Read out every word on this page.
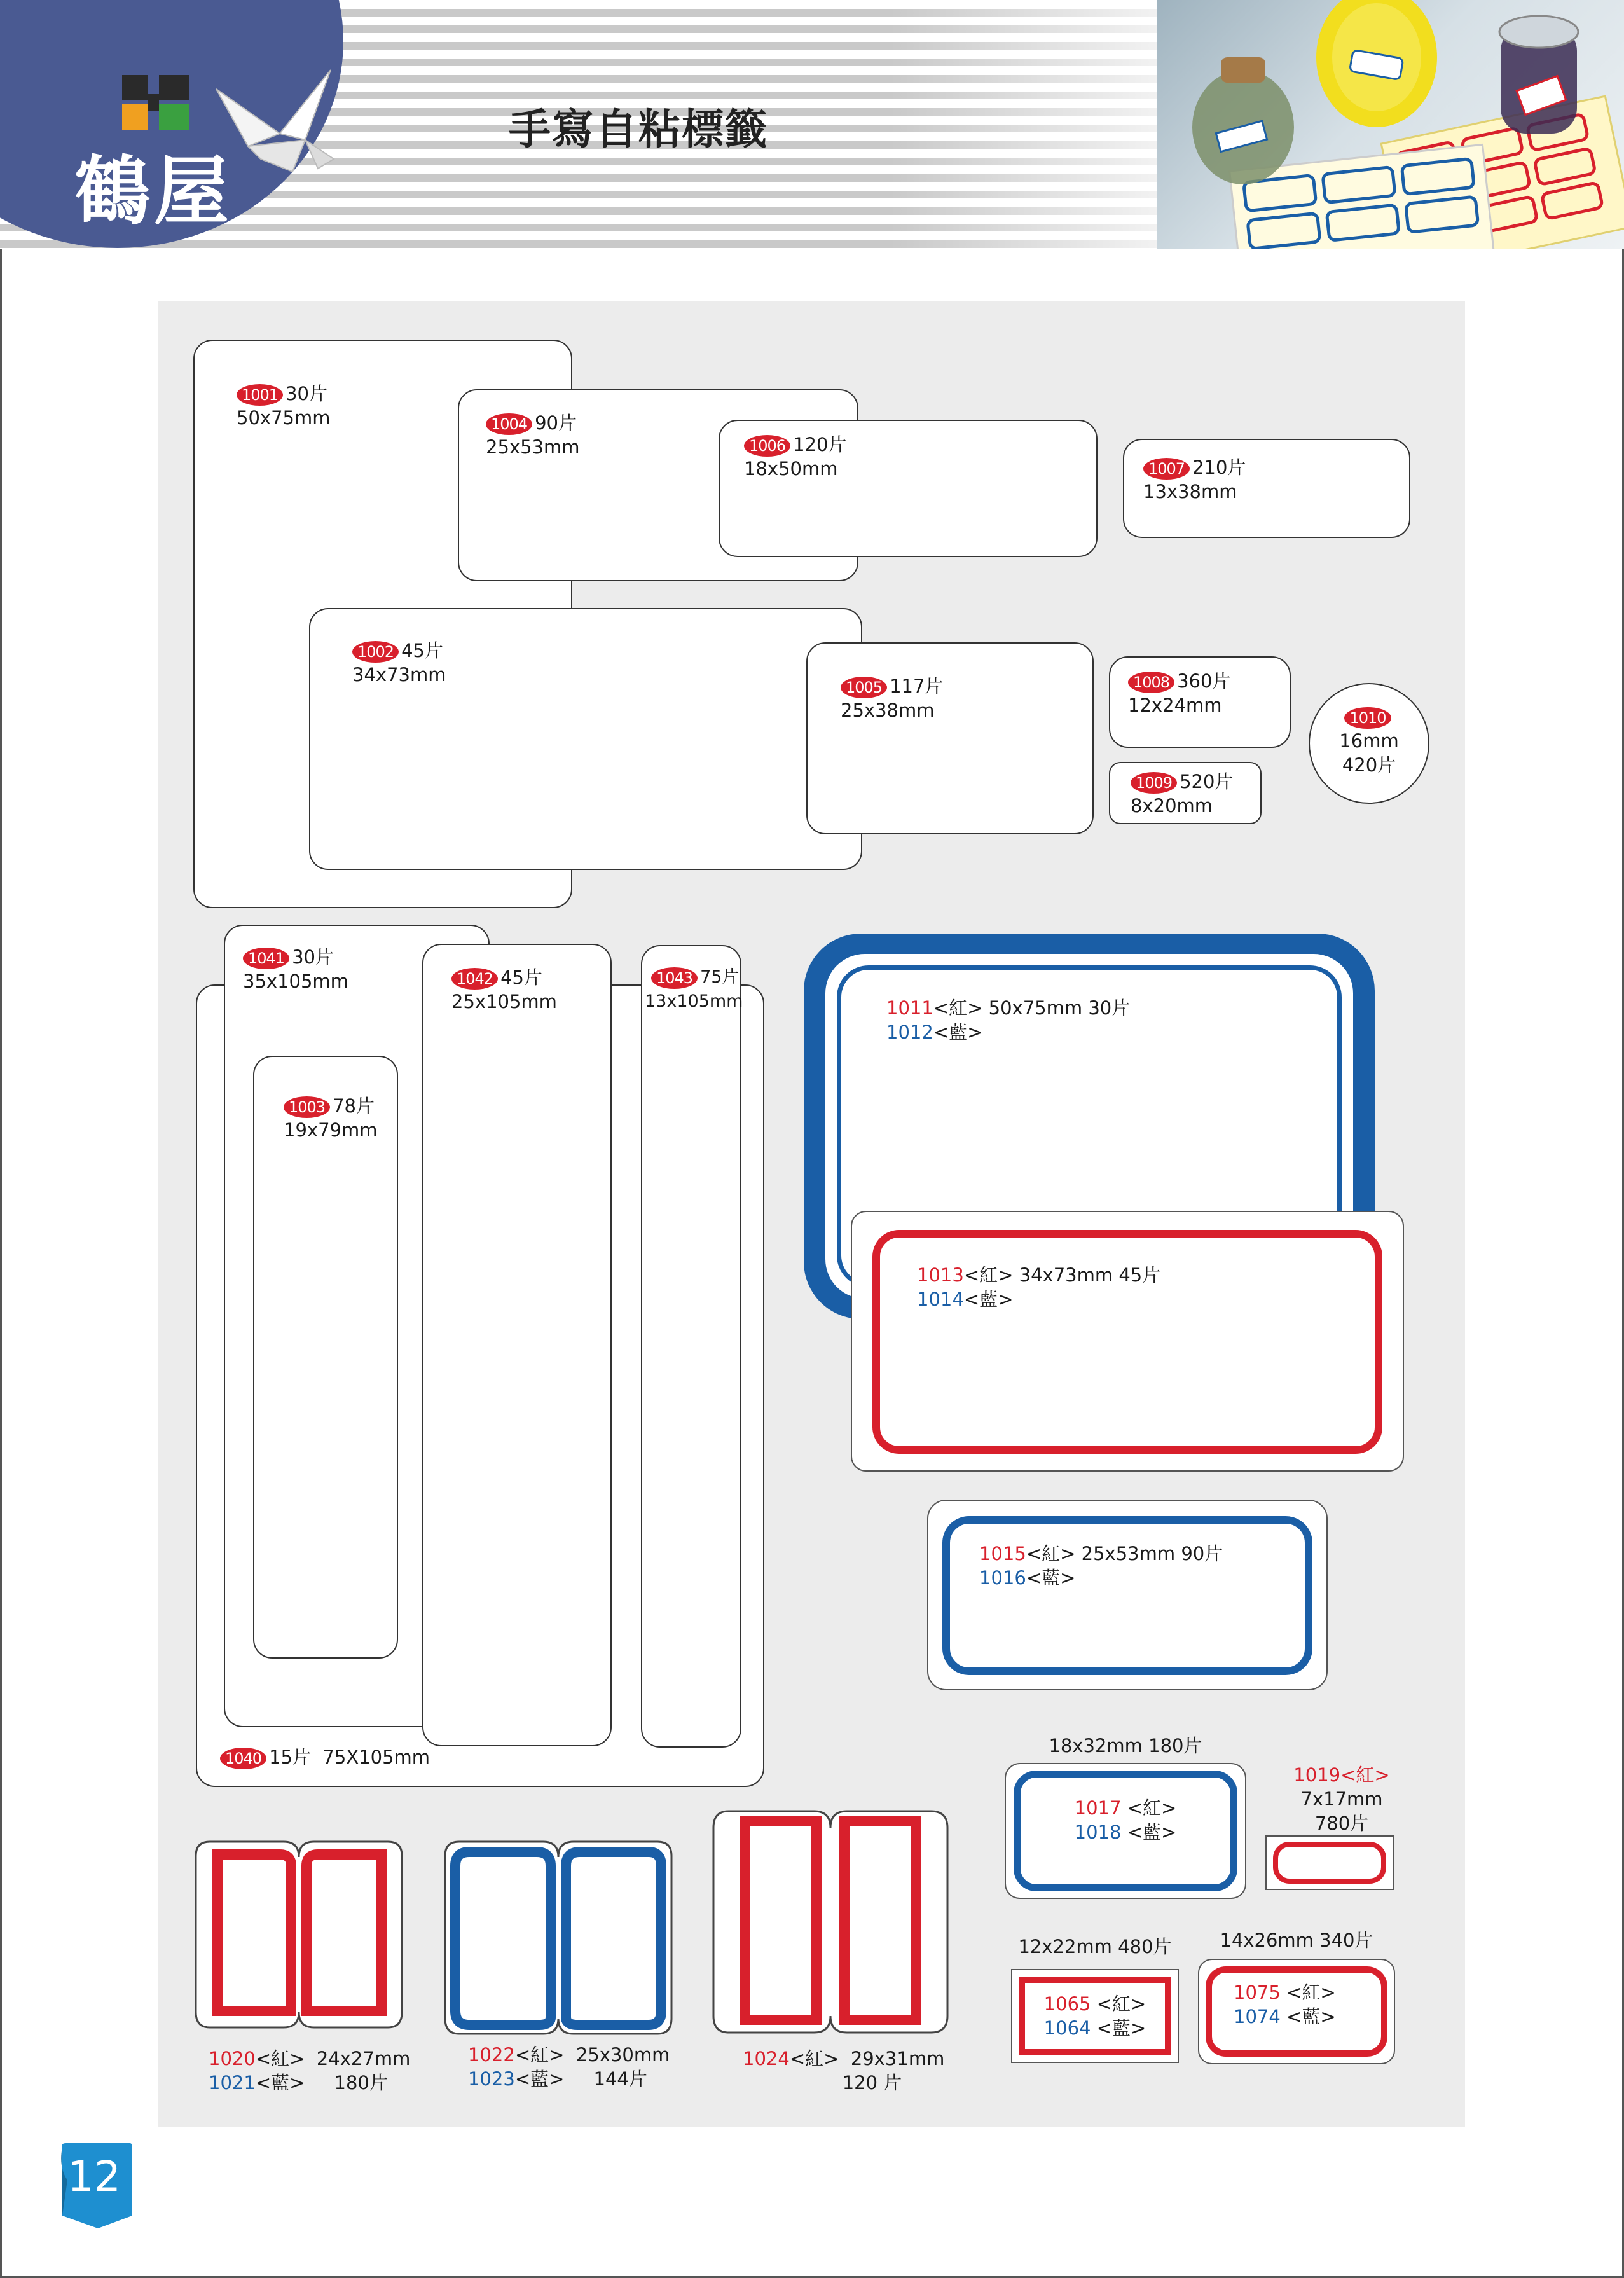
鶴屋
手寫自粘標籤
1001 30片
50x75mm	1004 90片
25x53mm	1006 120片
18x50mm	1007 210片
13x38mm
1002 45片
34x73mm
1005 117片
25x38mm
1008 360片
12x24mm
1009 520片
8x20mm
1010
16mm
420片
1041 30片
35x105mm	1042 45片
25x105mm
1043 75片
13x105mm
1003 78片
19x79mm
1040 15片 75X105mm
1011<紅> 50x75mm 30片
1012<藍>
1013<紅> 34x73mm 45片
1014<藍>
1015<紅> 25x53mm 90片
1016<藍>
18x32mm 180片
1017 <紅>
1018 <藍>
1019<紅>
7x17mm
780片
12x22mm 480片
1065 <紅>
1064 <藍>
14x26mm 340片
1075 <紅>
1074 <藍>
1020<紅> 24x27mm
1021<藍> 180片
1022<紅> 25x30mm
1023<藍> 144片
1024<紅> 29x31mm
120 片
12
